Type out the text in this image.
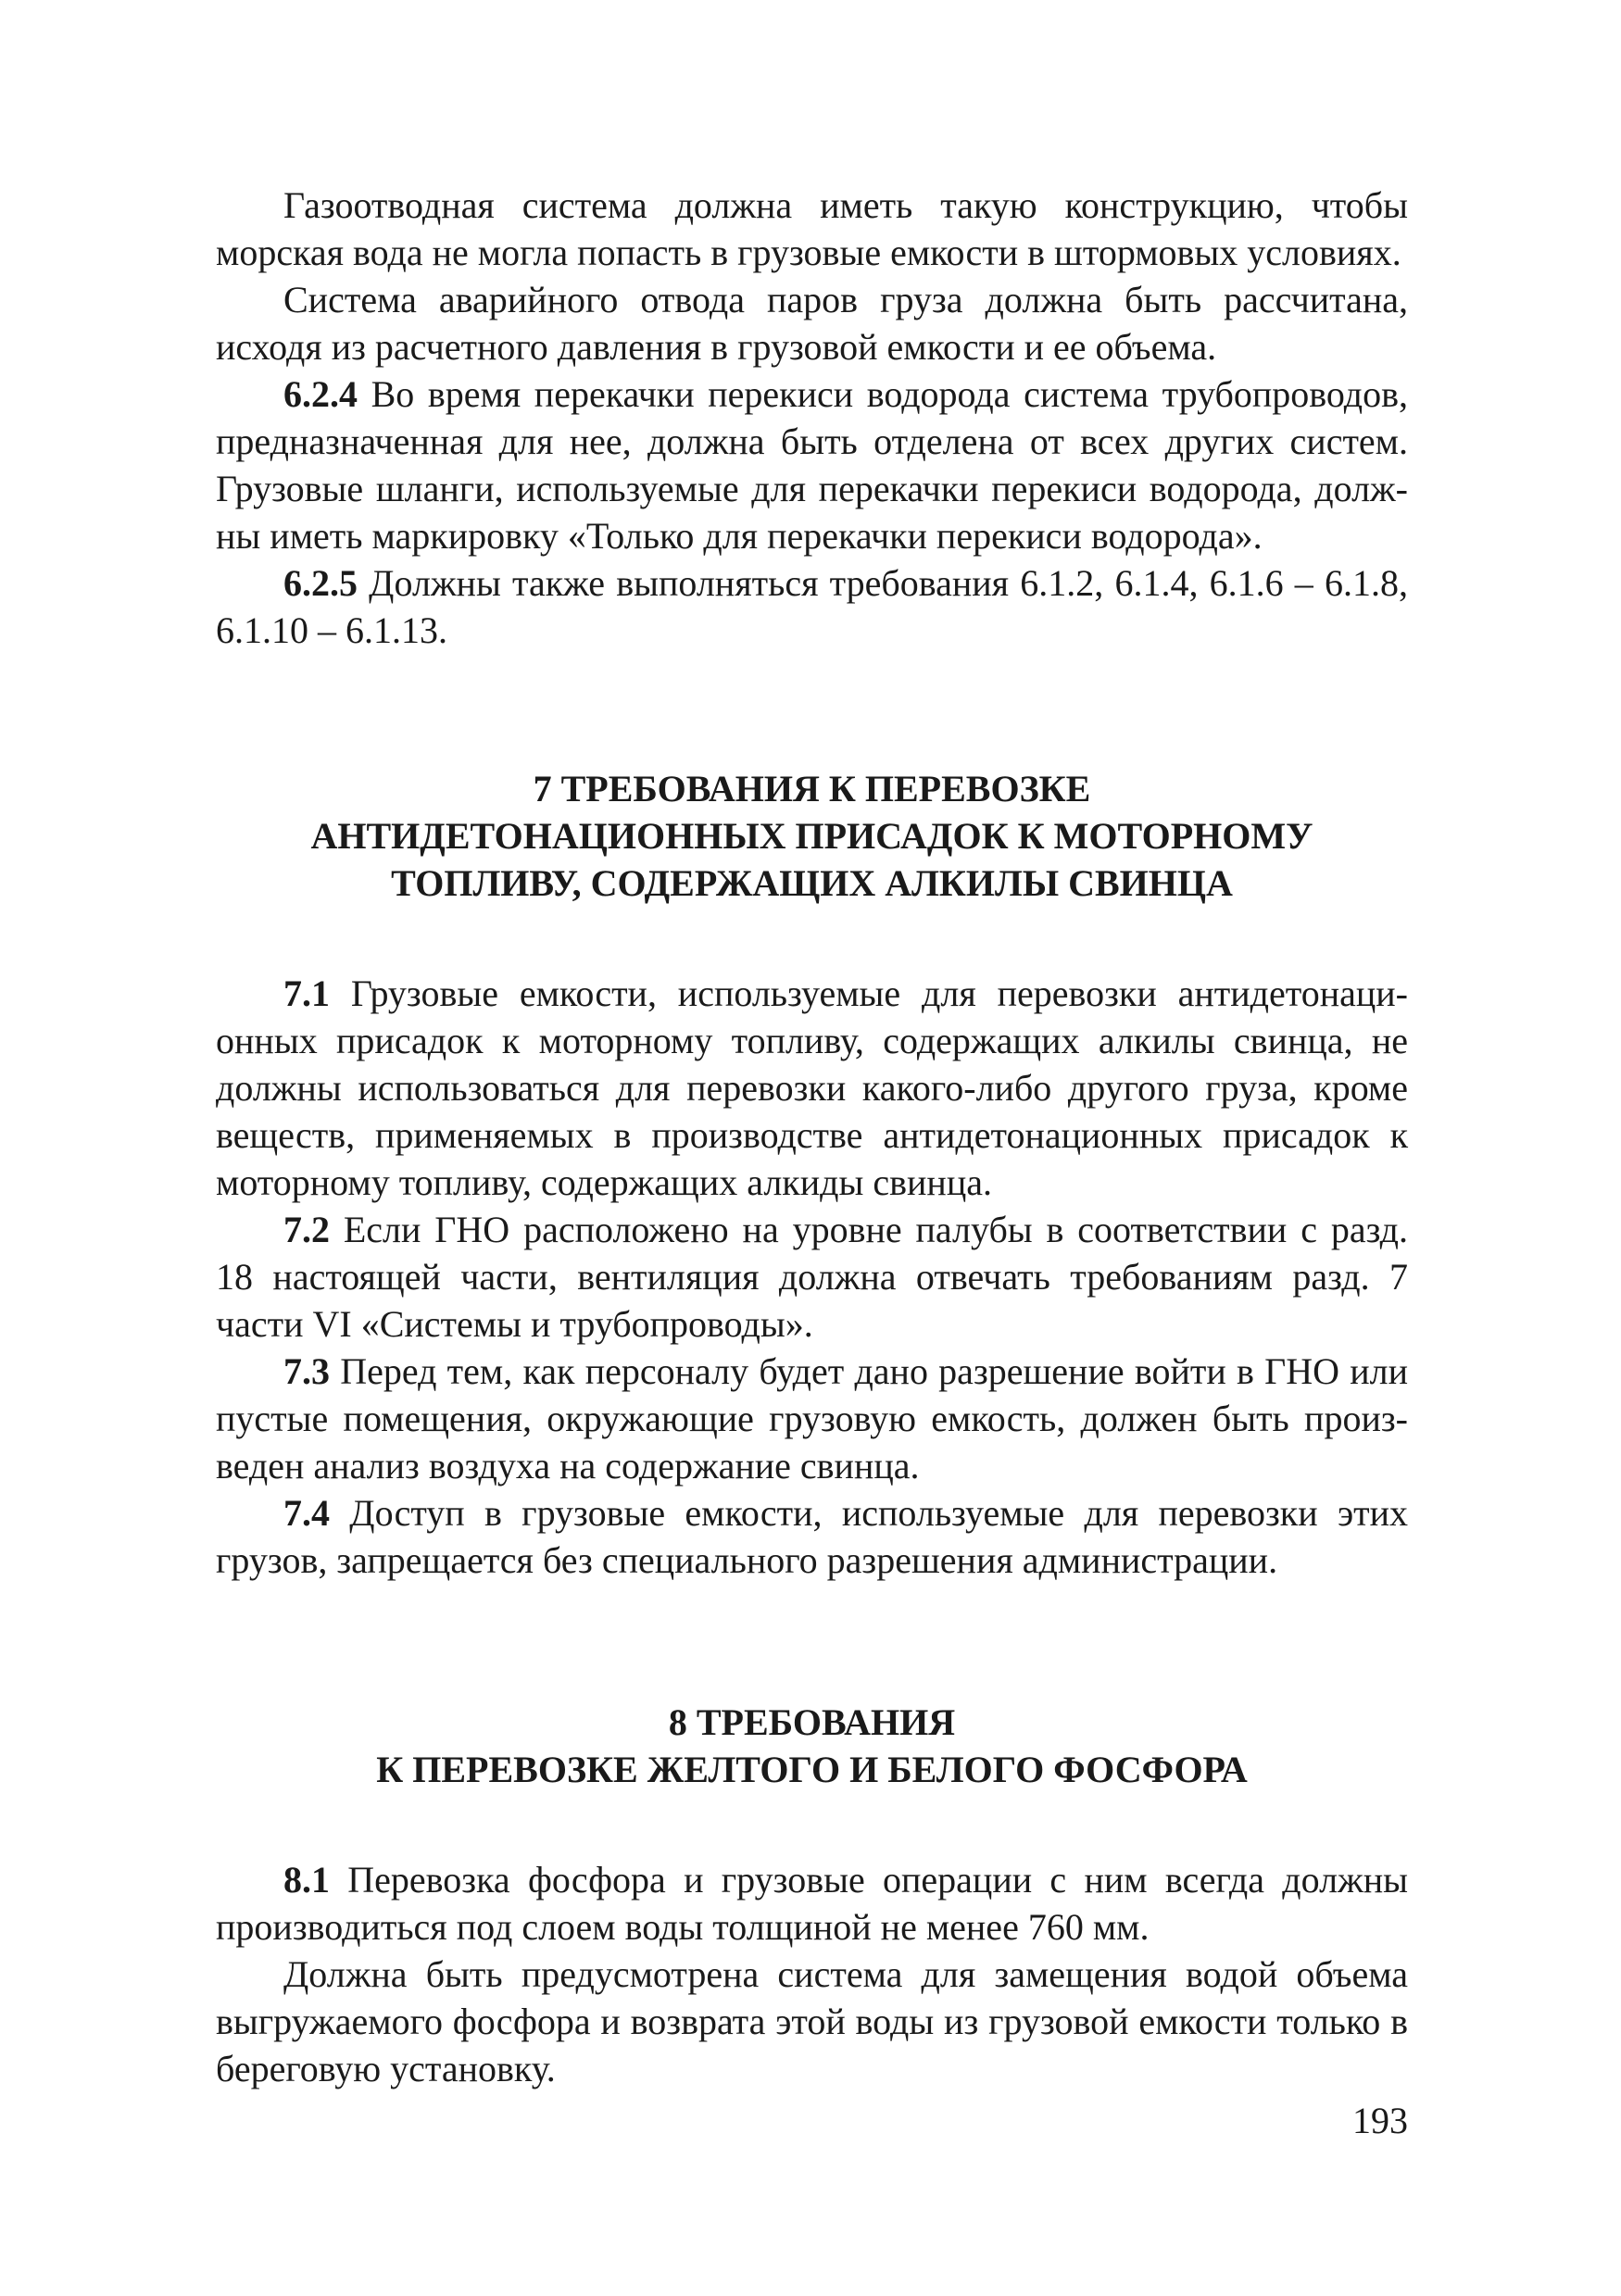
Газоотводная система должна иметь такую конструкцию, чтобы морская вода не могла попасть в грузовые емкости в штормовых условиях.

Система аварийного отвода паров груза должна быть рассчитана, исходя из расчетного давления в грузовой емкости и ее объема.

6.2.4 Во время перекачки перекиси водорода система трубопроводов, предназначенная для нее, должна быть отделена от всех других систем. Грузовые шланги, используемые для перекачки перекиси водорода, должны иметь маркировку «Только для перекачки перекиси водорода».

6.2.5 Должны также выполняться требования 6.1.2, 6.1.4, 6.1.6 – 6.1.8, 6.1.10 – 6.1.13.

7 ТРЕБОВАНИЯ К ПЕРЕВОЗКЕ
АНТИДЕТОНАЦИОННЫХ ПРИСАДОК К МОТОРНОМУ
ТОПЛИВУ, СОДЕРЖАЩИХ АЛКИЛЫ СВИНЦА

7.1 Грузовые емкости, используемые для перевозки антидетонационных присадок к моторному топливу, содержащих алкилы свинца, не должны использоваться для перевозки какого-либо другого груза, кроме веществ, применяемых в производстве антидетонационных присадок к моторному топливу, содержащих алкиды свинца.

7.2 Если ГНО расположено на уровне палубы в соответствии с разд. 18 настоящей части, вентиляция должна отвечать требованиям разд. 7 части VI «Системы и трубопроводы».

7.3 Перед тем, как персоналу будет дано разрешение войти в ГНО или пустые помещения, окружающие грузовую емкость, должен быть произведен анализ воздуха на содержание свинца.

7.4 Доступ в грузовые емкости, используемые для перевозки этих грузов, запрещается без специального разрешения администрации.

8 ТРЕБОВАНИЯ
К ПЕРЕВОЗКЕ ЖЕЛТОГО И БЕЛОГО ФОСФОРА

8.1 Перевозка фосфора и грузовые операции с ним всегда должны производиться под слоем воды толщиной не менее 760 мм.

Должна быть предусмотрена система для замещения водой объема выгружаемого фосфора и возврата этой воды из грузовой емкости только в береговую установку.

193
